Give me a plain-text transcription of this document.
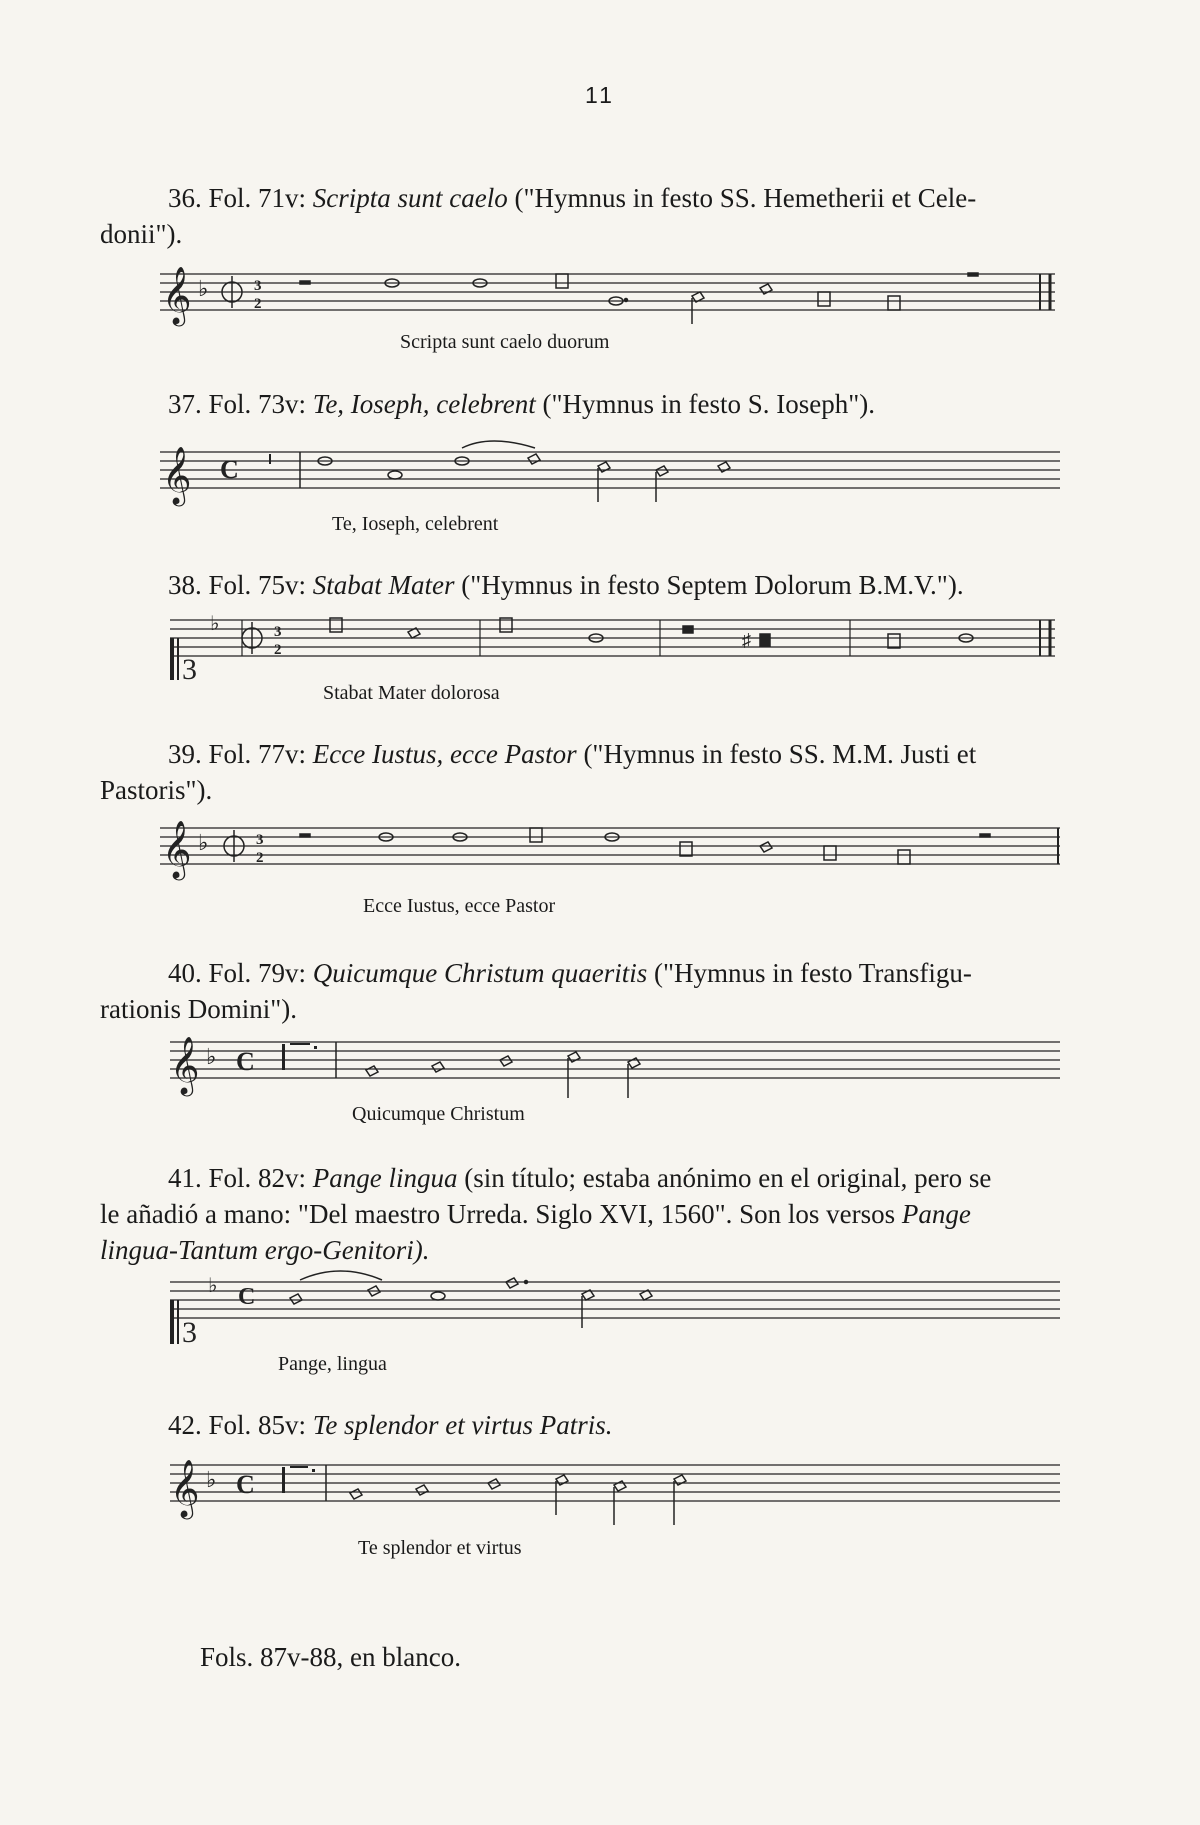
11
36. Fol. 71v: Scripta sunt caelo ("Hymnus in festo SS. Hemetherii et Cele-
donii").
𝄞 ♭	3
2
Scripta sunt caelo duorum
37. Fol. 73v: Te, Ioseph, celebrent ("Hymnus in festo S. Ioseph").
𝄞 C
Te, Ioseph, celebrent
38. Fol. 75v: Stabat Mater ("Hymnus in festo Septem Dolorum B.M.V.").
3
♭	3
2	♯
Stabat Mater dolorosa
39. Fol. 77v: Ecce Iustus, ecce Pastor ("Hymnus in festo SS. M.M. Justi et
Pastoris").
𝄞 ♭	3
2
Ecce Iustus, ecce Pastor
40. Fol. 79v: Quicumque Christum quaeritis ("Hymnus in festo Transfigu-
rationis Domini").
𝄞 ♭ C
Quicumque Christum
41. Fol. 82v: Pange lingua (sin título; estaba anónimo en el original, pero se
le añadió a mano: "Del maestro Urreda. Siglo XVI, 1560". Son los versos Pange
lingua-Tantum ergo-Genitori).
3
♭ C
Pange, lingua
42. Fol. 85v: Te splendor et virtus Patris.
𝄞 ♭ C
Te splendor et virtus
Fols. 87v-88, en blanco.
